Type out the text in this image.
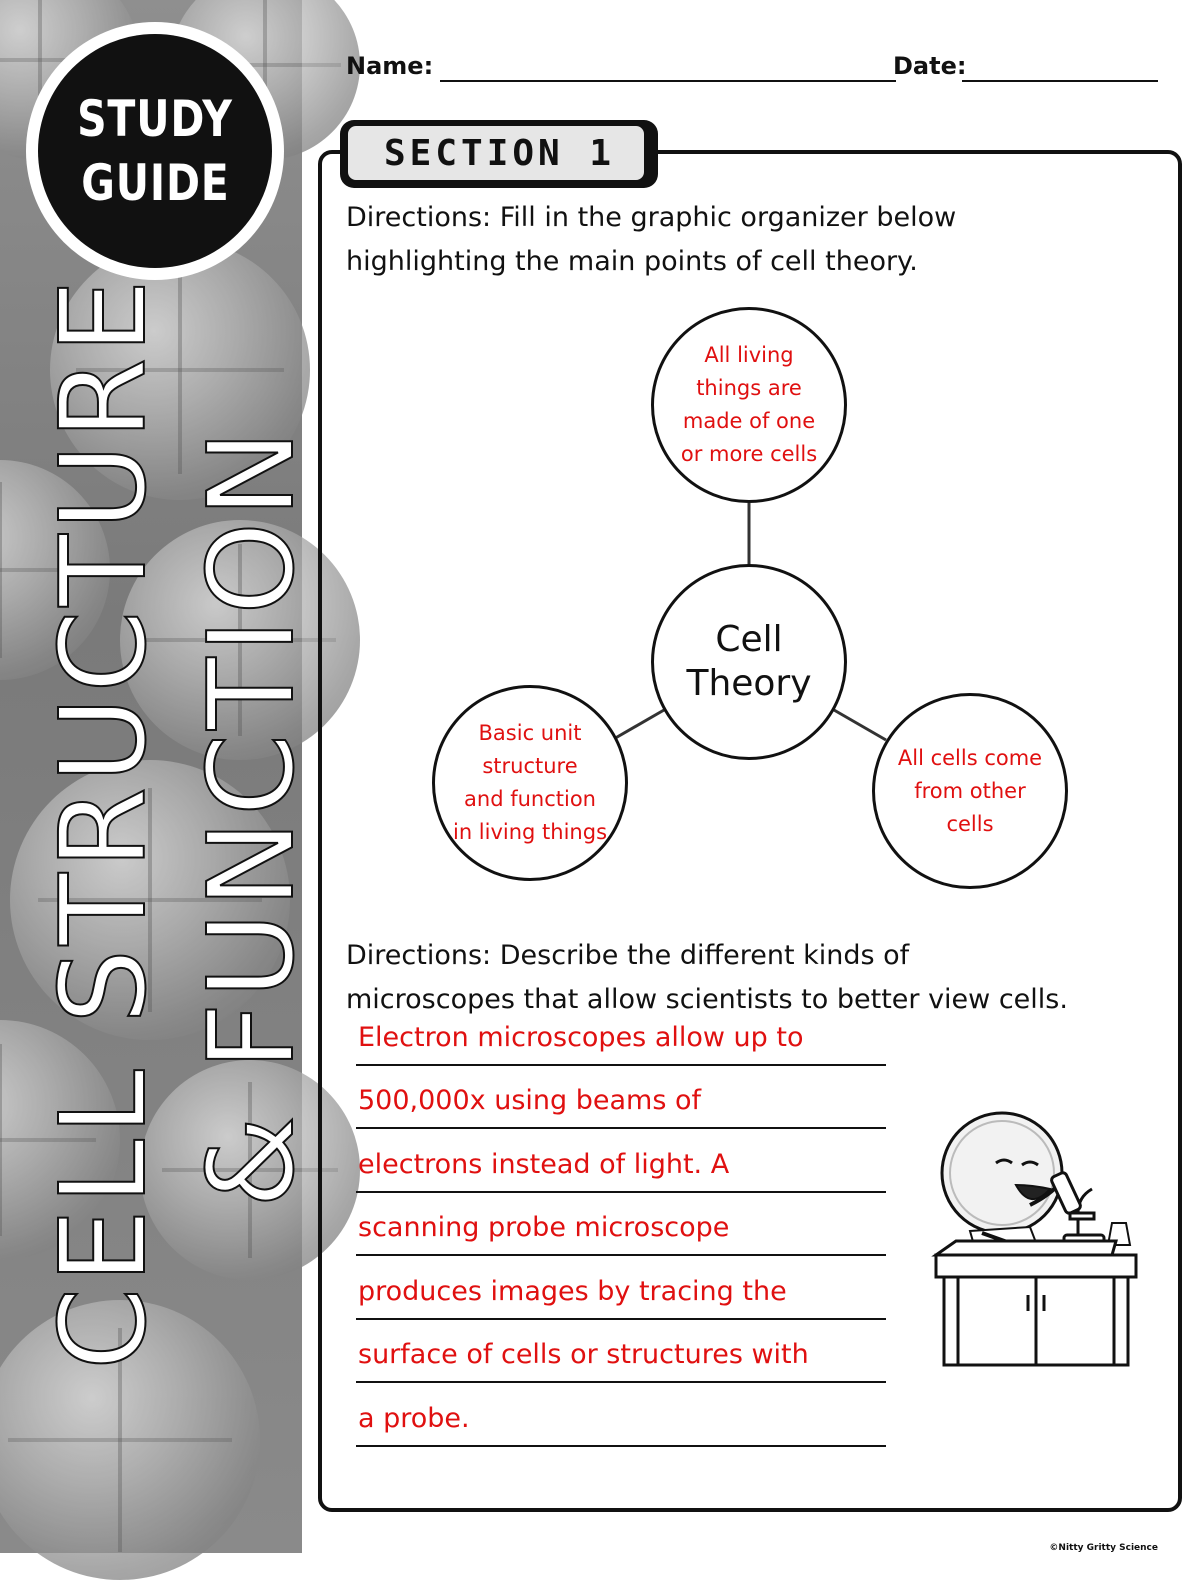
STUDY
GUIDE
CELL STRUCTURE & FUNCTION
Name:	Date:
SECTION 1
Directions: Fill in the graphic organizer below
highlighting the main points of cell theory.
All living
things are
made of one
or more cells
Cell
Theory
Basic unit
structure
and function
in living things
All cells come
from other
cells
Directions: Describe the different kinds of
microscopes that allow scientists to better view cells.
Electron microscopes allow up to
500,000x using beams of
electrons instead of light. A
scanning probe microscope
produces images by tracing the
surface of cells or structures with
a probe.
©Nitty Gritty Science
